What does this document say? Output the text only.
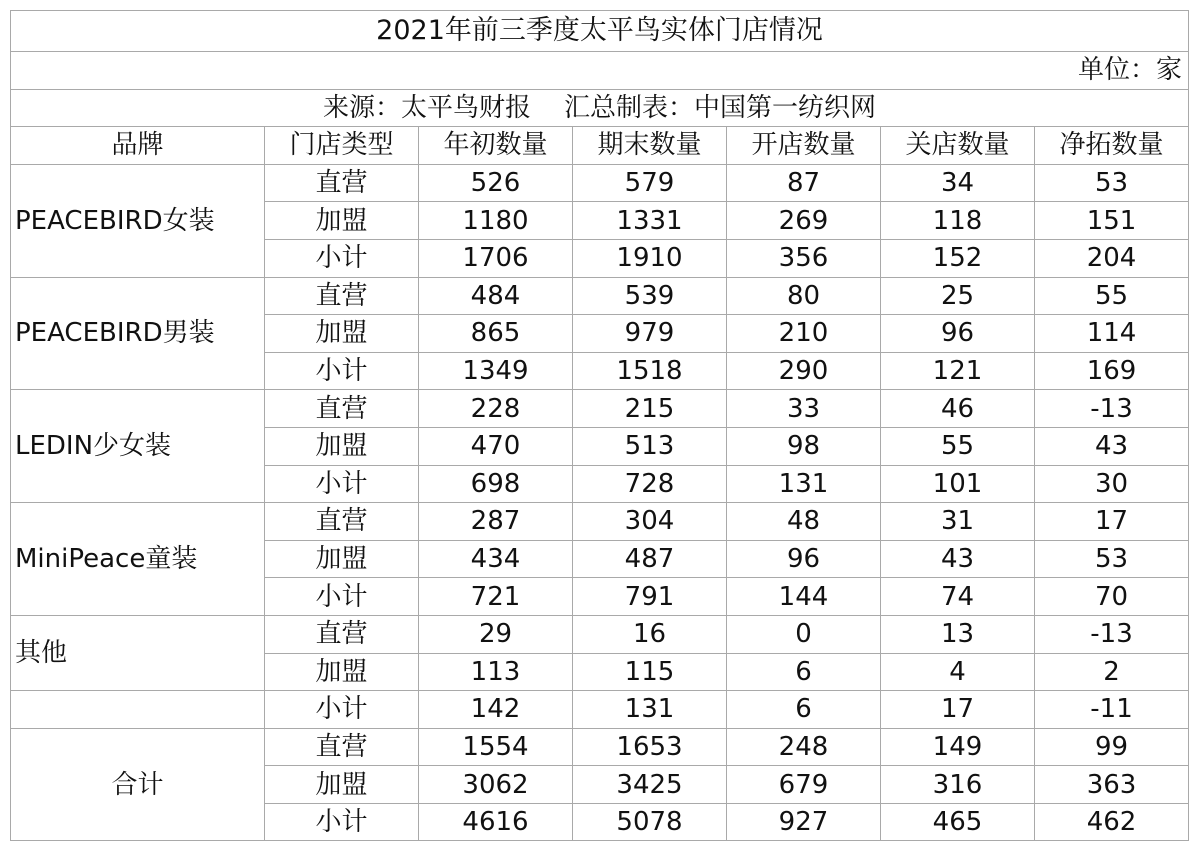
2021年前三季度太平鸟实体门店情况						
单位：家						
来源：太平鸟财报    汇总制表：中国第一纺织网						
品牌	门店类型	年初数量	期末数量	开店数量	关店数量	净拓数量
PEACEBIRD女装	直营	526	579	87	34	53
	加盟	1180	1331	269	118	151
	小计	1706	1910	356	152	204
PEACEBIRD男装	直营	484	539	80	25	55
	加盟	865	979	210	96	114
	小计	1349	1518	290	121	169
LEDIN少女装	直营	228	215	33	46	-13
	加盟	470	513	98	55	43
	小计	698	728	131	101	30
MiniPeace童装	直营	287	304	48	31	17
	加盟	434	487	96	43	53
	小计	721	791	144	74	70
其他	直营	29	16	0	13	-13
	加盟	113	115	6	4	2
	小计	142	131	6	17	-11
合计	直营	1554	1653	248	149	99
	加盟	3062	3425	679	316	363
	小计	4616	5078	927	465	462
